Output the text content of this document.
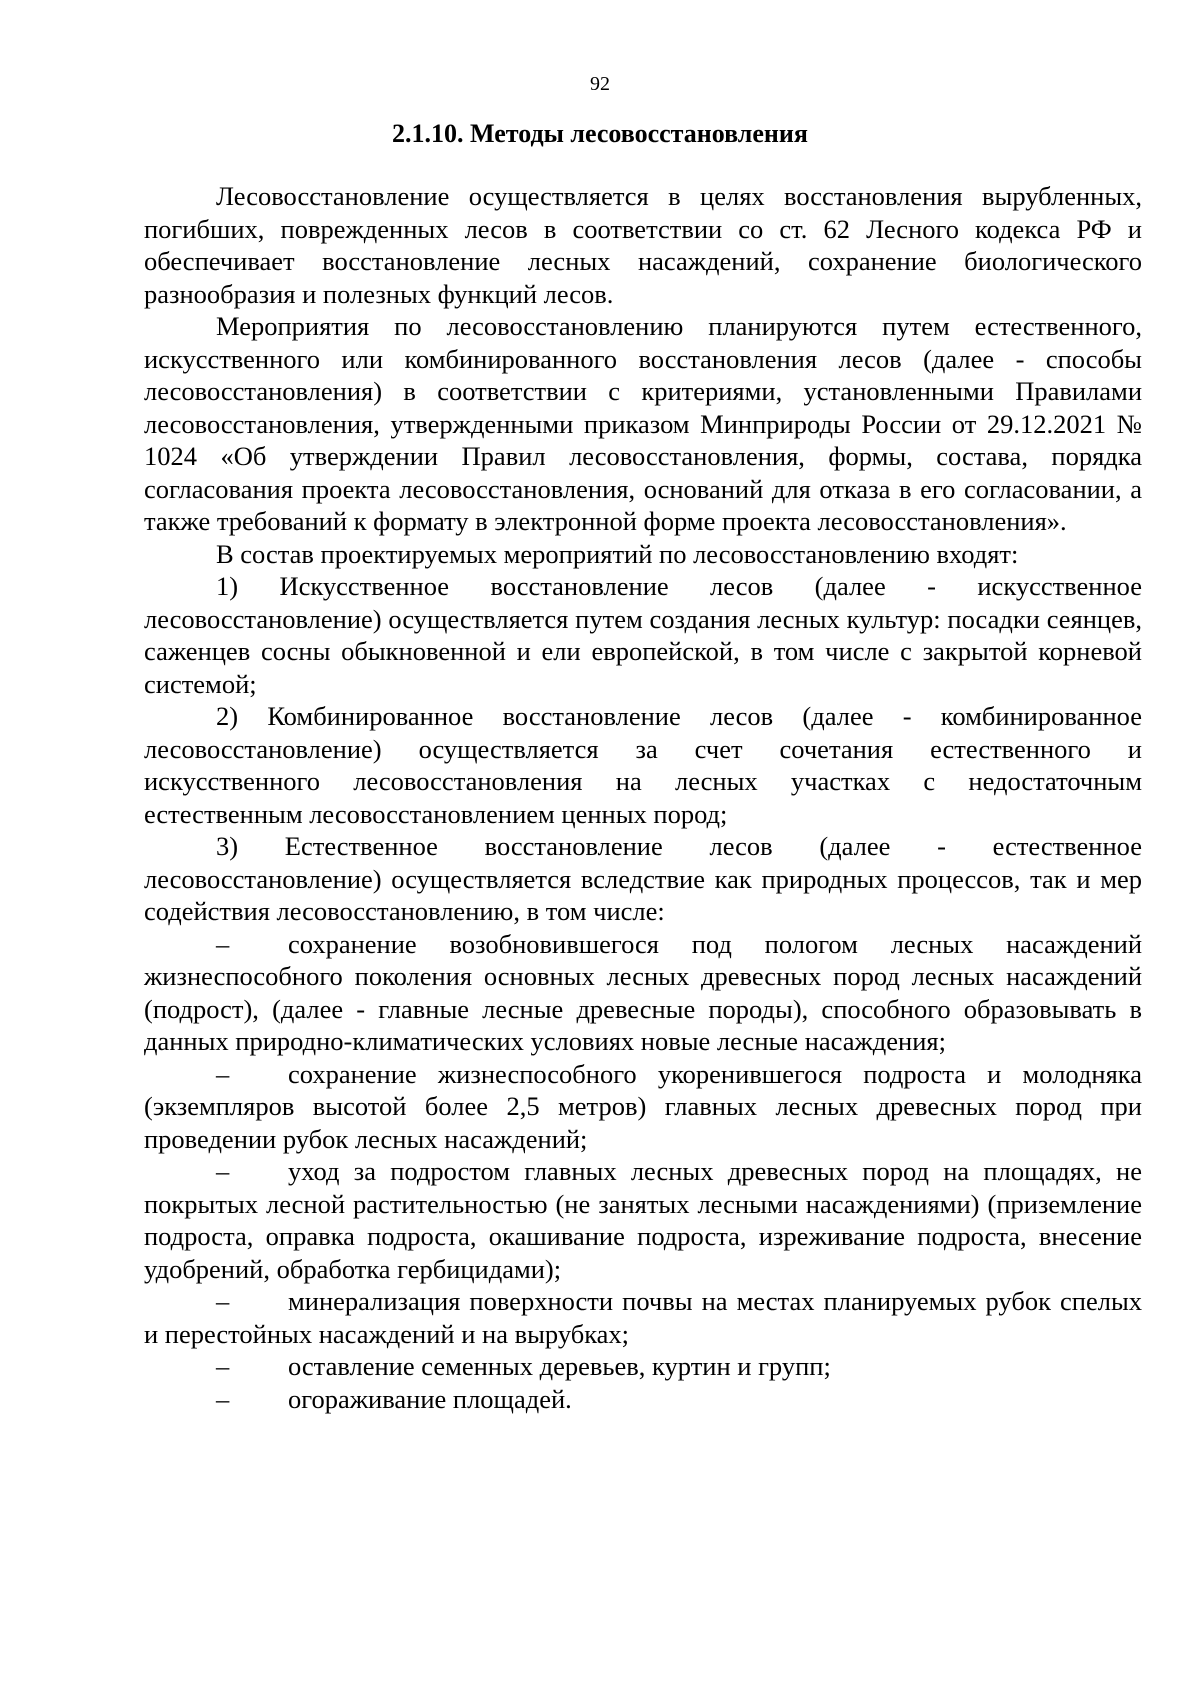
92
2.1.10. Методы лесовосстановления

Лесовосстановление осуществляется в целях восстановления вырубленных, погибших, поврежденных лесов в соответствии со ст. 62 Лесного кодекса РФ и обеспечивает восстановление лесных насаждений, сохранение биологического разнообразия и полезных функций лесов.

Мероприятия по лесовосстановлению планируются путем естественного, искусственного или комбинированного восстановления лесов (далее - способы лесовосстановления) в соответствии с критериями, установленными Правилами лесовосстановления, утвержденными приказом Минприроды России от 29.12.2021 № 1024 «Об утверждении Правил лесовосстановления, формы, состава, порядка согласования проекта лесовосстановления, оснований для отказа в его согласовании, а также требований к формату в электронной форме проекта лесовосстановления».

В состав проектируемых мероприятий по лесовосстановлению входят:

1) Искусственное восстановление лесов (далее - искусственное лесовосстановление) осуществляется путем создания лесных культур: посадки сеянцев, саженцев сосны обыкновенной и ели европейской, в том числе с закрытой корневой системой;

2) Комбинированное восстановление лесов (далее - комбинированное лесовосстановление) осуществляется за счет сочетания естественного и искусственного лесовосстановления на лесных участках с недостаточным естественным лесовосстановлением ценных пород;

3) Естественное восстановление лесов (далее - естественное лесовосстановление) осуществляется вследствие как природных процессов, так и мер содействия лесовосстановлению, в том числе:

– сохранение возобновившегося под пологом лесных насаждений жизнеспособного поколения основных лесных древесных пород лесных насаждений (подрост), (далее - главные лесные древесные породы), способного образовывать в данных природно-климатических условиях новые лесные насаждения;

– сохранение жизнеспособного укоренившегося подроста и молодняка (экземпляров высотой более 2,5 метров) главных лесных древесных пород при проведении рубок лесных насаждений;

– уход за подростом главных лесных древесных пород на площадях, не покрытых лесной растительностью (не занятых лесными насаждениями) (приземление подроста, оправка подроста, окашивание подроста, изреживание подроста, внесение удобрений, обработка гербицидами);

– минерализация поверхности почвы на местах планируемых рубок спелых и перестойных насаждений и на вырубках;

– оставление семенных деревьев, куртин и групп;

– огораживание площадей.
